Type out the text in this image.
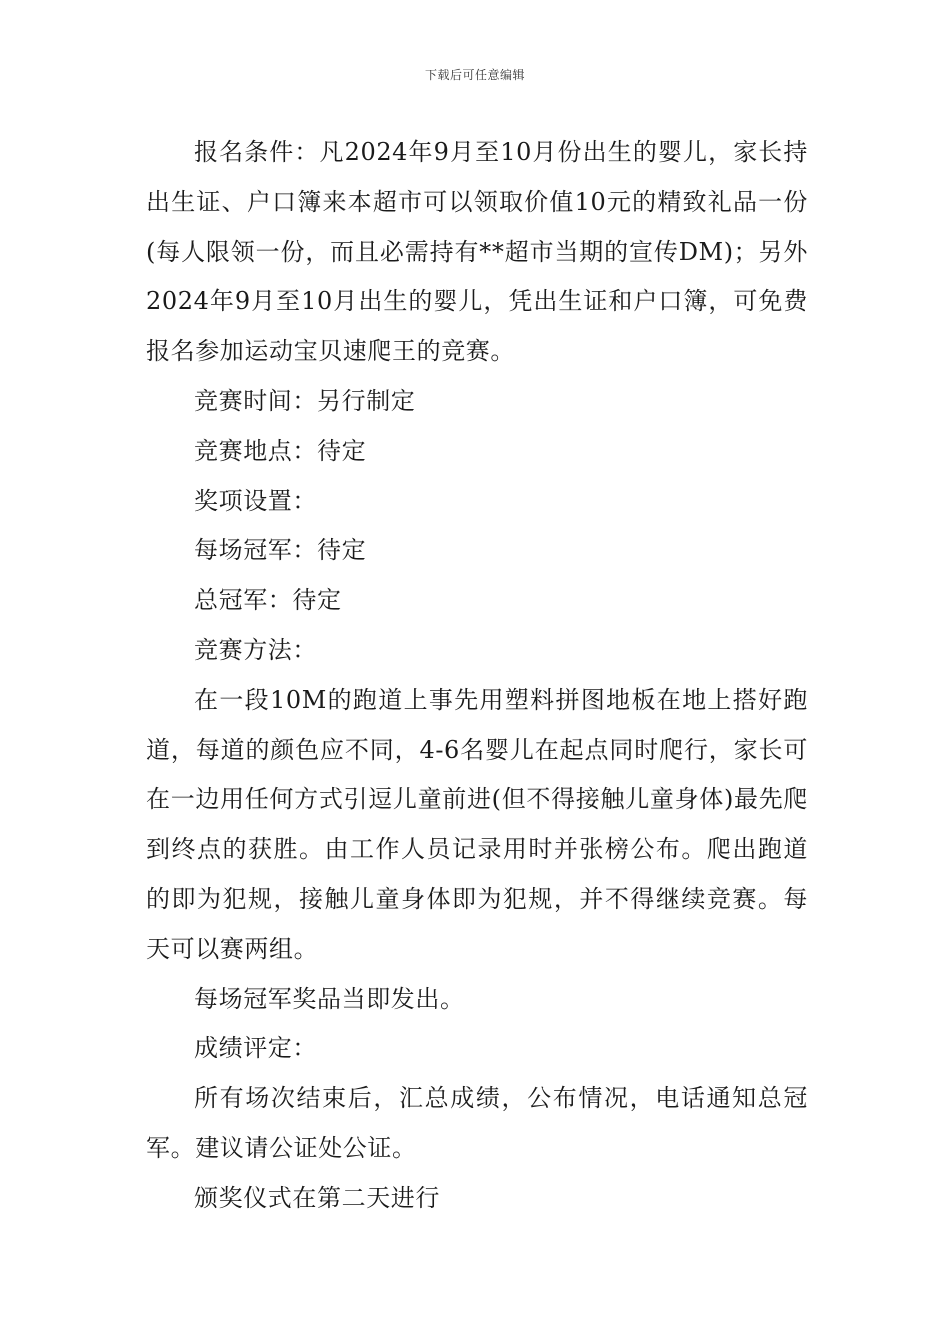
下载后可任意编辑

报名条件：凡2024年9月至10月份出生的婴儿，家长持出生证、户口簿来本超市可以领取价值10元的精致礼品一份(每人限领一份，而且必需持有**超市当期的宣传DM)；另外2024年9月至10月出生的婴儿，凭出生证和户口簿，可免费报名参加运动宝贝速爬王的竞赛。

竞赛时间：另行制定

竞赛地点：待定

奖项设置：

每场冠军：待定

总冠军：待定

竞赛方法：

在一段10M的跑道上事先用塑料拼图地板在地上搭好跑道，每道的颜色应不同，4-6名婴儿在起点同时爬行，家长可在一边用任何方式引逗儿童前进(但不得接触儿童身体)最先爬到终点的获胜。由工作人员记录用时并张榜公布。爬出跑道的即为犯规，接触儿童身体即为犯规，并不得继续竞赛。每天可以赛两组。

每场冠军奖品当即发出。

成绩评定：

所有场次结束后，汇总成绩，公布情况，电话通知总冠军。建议请公证处公证。

颁奖仪式在第二天进行
